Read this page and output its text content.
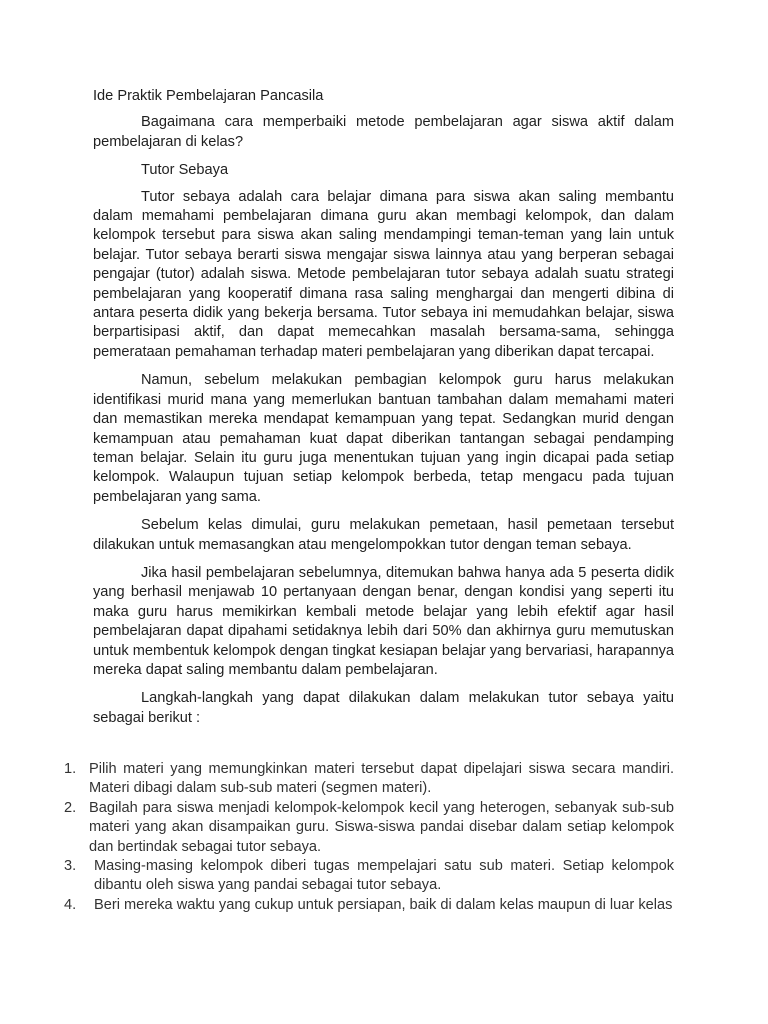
Ide Praktik Pembelajaran Pancasila

Bagaimana cara memperbaiki metode pembelajaran agar siswa aktif dalam pembelajaran di kelas?

Tutor Sebaya

Tutor sebaya adalah cara belajar dimana para siswa akan saling membantu dalam memahami pembelajaran dimana guru akan membagi kelompok, dan dalam kelompok tersebut para siswa akan saling mendampingi teman-teman yang lain untuk belajar. Tutor sebaya berarti siswa mengajar siswa lainnya atau yang berperan sebagai pengajar (tutor) adalah siswa. Metode pembelajaran tutor sebaya adalah suatu strategi pembelajaran yang kooperatif dimana rasa saling menghargai dan mengerti dibina di antara peserta didik yang bekerja bersama. Tutor sebaya ini memudahkan belajar, siswa berpartisipasi aktif, dan dapat memecahkan masalah bersama-sama, sehingga pemerataan pemahaman terhadap materi pembelajaran yang diberikan dapat tercapai.

Namun, sebelum melakukan pembagian kelompok guru harus melakukan identifikasi murid mana yang memerlukan bantuan tambahan dalam memahami materi dan memastikan mereka mendapat kemampuan yang tepat. Sedangkan murid dengan kemampuan atau pemahaman kuat dapat diberikan tantangan sebagai pendamping teman belajar. Selain itu guru juga menentukan tujuan yang ingin dicapai pada setiap kelompok. Walaupun tujuan setiap kelompok berbeda, tetap mengacu pada tujuan pembelajaran yang sama.

Sebelum kelas dimulai, guru melakukan pemetaan, hasil pemetaan tersebut dilakukan untuk memasangkan atau mengelompokkan tutor dengan teman sebaya.

Jika hasil pembelajaran sebelumnya, ditemukan bahwa hanya ada 5 peserta didik yang berhasil menjawab 10 pertanyaan dengan benar, dengan kondisi yang seperti itu maka guru harus memikirkan kembali metode belajar yang lebih efektif agar hasil pembelajaran dapat dipahami setidaknya lebih dari 50% dan akhirnya guru memutuskan untuk membentuk kelompok dengan tingkat kesiapan belajar yang bervariasi, harapannya mereka dapat saling membantu dalam pembelajaran.

Langkah-langkah yang dapat dilakukan dalam melakukan tutor sebaya yaitu sebagai berikut :

1. Pilih materi yang memungkinkan materi tersebut dapat dipelajari siswa secara mandiri. Materi dibagi dalam sub-sub materi (segmen materi).
2. Bagilah para siswa menjadi kelompok-kelompok kecil yang heterogen, sebanyak sub-sub materi yang akan disampaikan guru. Siswa-siswa pandai disebar dalam setiap kelompok dan bertindak sebagai tutor sebaya.
3.	Masing-masing kelompok diberi tugas mempelajari satu sub materi. Setiap kelompok dibantu oleh siswa yang pandai sebagai tutor sebaya.
4.	Beri mereka waktu yang cukup untuk persiapan, baik di dalam kelas maupun di luar kelas
